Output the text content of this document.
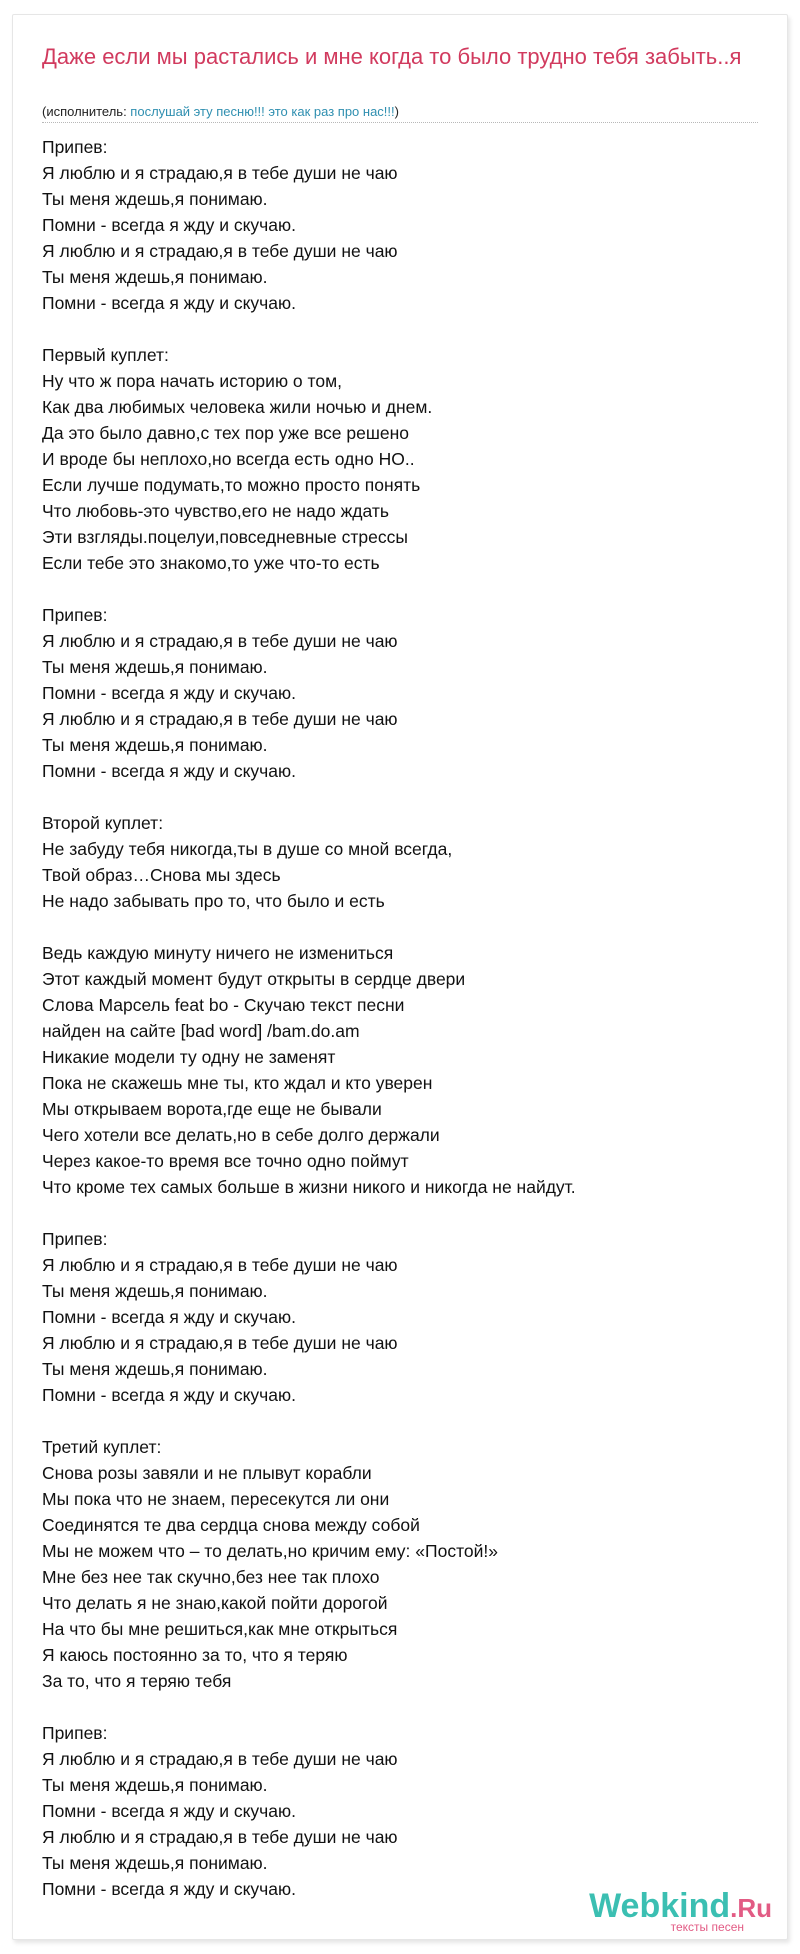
Даже если мы растались и мне когда то было трудно тебя забыть..я
(исполнитель: послушай эту песню!!! это как раз про нас!!!)
Припев:
Я люблю и я страдаю,я в тебе души не чаю
Ты меня ждешь,я понимаю.
Помни - всегда я жду и скучаю.
Я люблю и я страдаю,я в тебе души не чаю
Ты меня ждешь,я понимаю.
Помни - всегда я жду и скучаю.
Первый куплет:
Ну что ж пора начать историю о том,
Как два любимых человека жили ночью и днем.
Да это было давно,с тех пор уже все решено
И вроде бы неплохо,но всегда есть одно НО..
Если лучше подумать,то можно просто понять
Что любовь-это чувство,его не надо ждать
Эти взгляды.поцелуи,повседневные стрессы
Если тебе это знакомо,то уже что-то есть
Припев:
Я люблю и я страдаю,я в тебе души не чаю
Ты меня ждешь,я понимаю.
Помни - всегда я жду и скучаю.
Я люблю и я страдаю,я в тебе души не чаю
Ты меня ждешь,я понимаю.
Помни - всегда я жду и скучаю.
Второй куплет:
Не забуду тебя никогда,ты в душе со мной всегда,
Твой образ…Снова мы здесь
Не надо забывать про то, что было и есть
Ведь каждую минуту ничего не измениться
Этот каждый момент будут открыты в сердце двери
Слова Марсель feat bo - Скучаю текст песни
найден на сайте [bad word] /bam.do.am
Никакие модели ту одну не заменят
Пока не скажешь мне ты, кто ждал и кто уверен
Мы открываем ворота,где еще не бывали
Чего хотели все делать,но в себе долго держали
Через какое-то время все точно одно поймут
Что кроме тех самых больше в жизни никого и никогда не найдут.
Припев:
Я люблю и я страдаю,я в тебе души не чаю
Ты меня ждешь,я понимаю.
Помни - всегда я жду и скучаю.
Я люблю и я страдаю,я в тебе души не чаю
Ты меня ждешь,я понимаю.
Помни - всегда я жду и скучаю.
Третий куплет:
Снова розы завяли и не плывут корабли
Мы пока что не знаем, пересекутся ли они
Соединятся те два сердца снова между собой
Мы не можем что – то делать,но кричим ему: «Постой!»
Мне без нее так скучно,без нее так плохо
Что делать я не знаю,какой пойти дорогой
На что бы мне решиться,как мне открыться
Я каюсь постоянно за то, что я теряю
За то, что я теряю тебя
Припев:
Я люблю и я страдаю,я в тебе души не чаю
Ты меня ждешь,я понимаю.
Помни - всегда я жду и скучаю.
Я люблю и я страдаю,я в тебе души не чаю
Ты меня ждешь,я понимаю.
Помни - всегда я жду и скучаю.	Webkind.Ru
тексты песен
